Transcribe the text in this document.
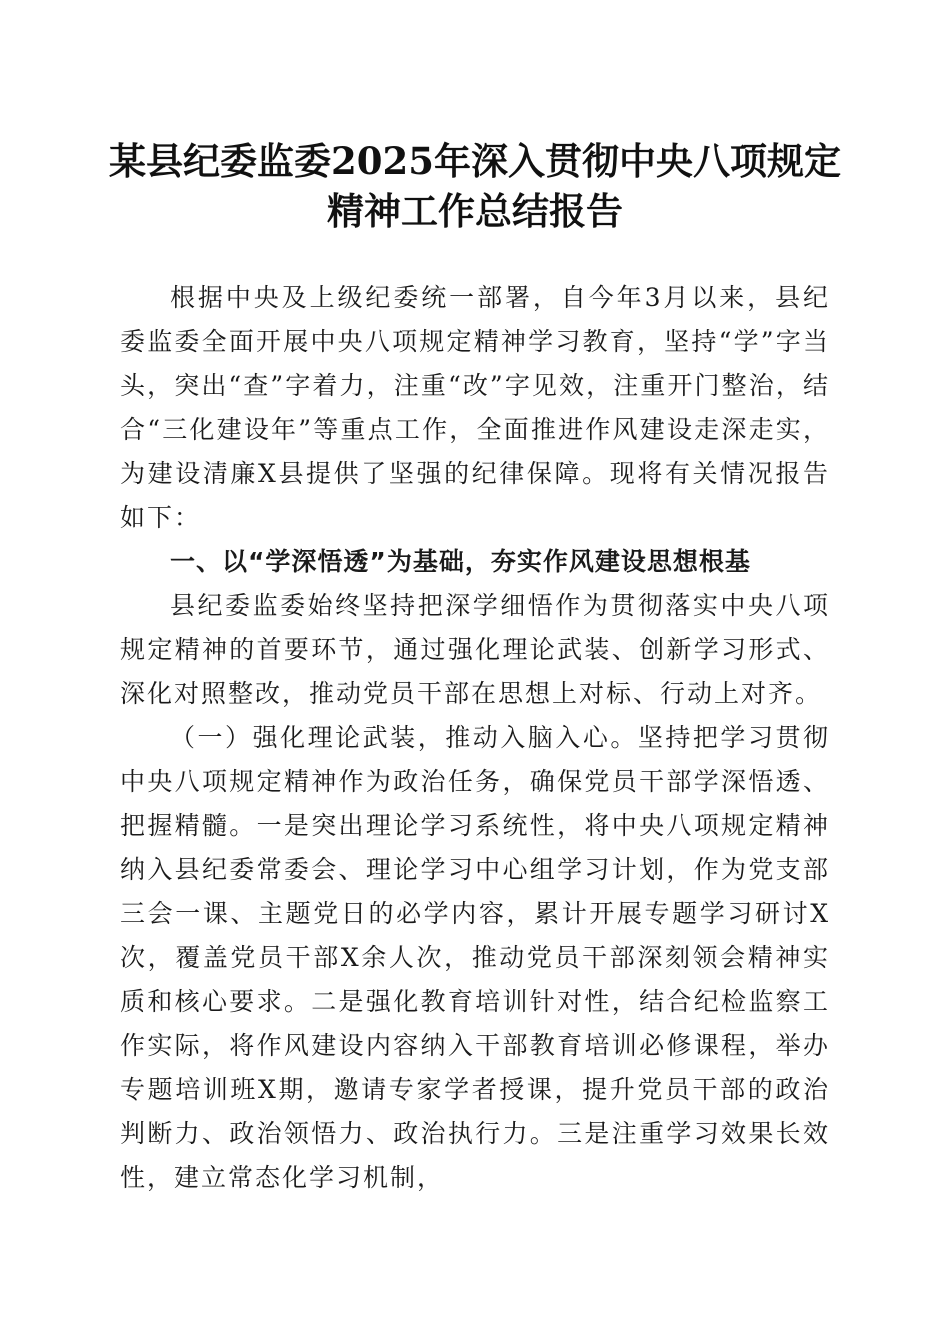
某县纪委监委2025年深入贯彻中央八项规定
精神工作总结报告

根据中央及上级纪委统一部署，自今年3月以来，县纪委监委全面开展中央八项规定精神学习教育，坚持“学”字当头，突出“查”字着力，注重“改”字见效，注重开门整治，结合“三化建设年”等重点工作，全面推进作风建设走深走实，为建设清廉X县提供了坚强的纪律保障。现将有关情况报告如下：

一、以“学深悟透”为基础，夯实作风建设思想根基

县纪委监委始终坚持把深学细悟作为贯彻落实中央八项规定精神的首要环节，通过强化理论武装、创新学习形式、深化对照整改，推动党员干部在思想上对标、行动上对齐。

（一）强化理论武装，推动入脑入心。坚持把学习贯彻中央八项规定精神作为政治任务，确保党员干部学深悟透、把握精髓。一是突出理论学习系统性，将中央八项规定精神纳入县纪委常委会、理论学习中心组学习计划，作为党支部三会一课、主题党日的必学内容，累计开展专题学习研讨X次，覆盖党员干部X余人次，推动党员干部深刻领会精神实质和核心要求。二是强化教育培训针对性，结合纪检监察工作实际，将作风建设内容纳入干部教育培训必修课程，举办专题培训班X期，邀请专家学者授课，提升党员干部的政治判断力、政治领悟力、政治执行力。三是注重学习效果长效性，建立常态化学习机制，
